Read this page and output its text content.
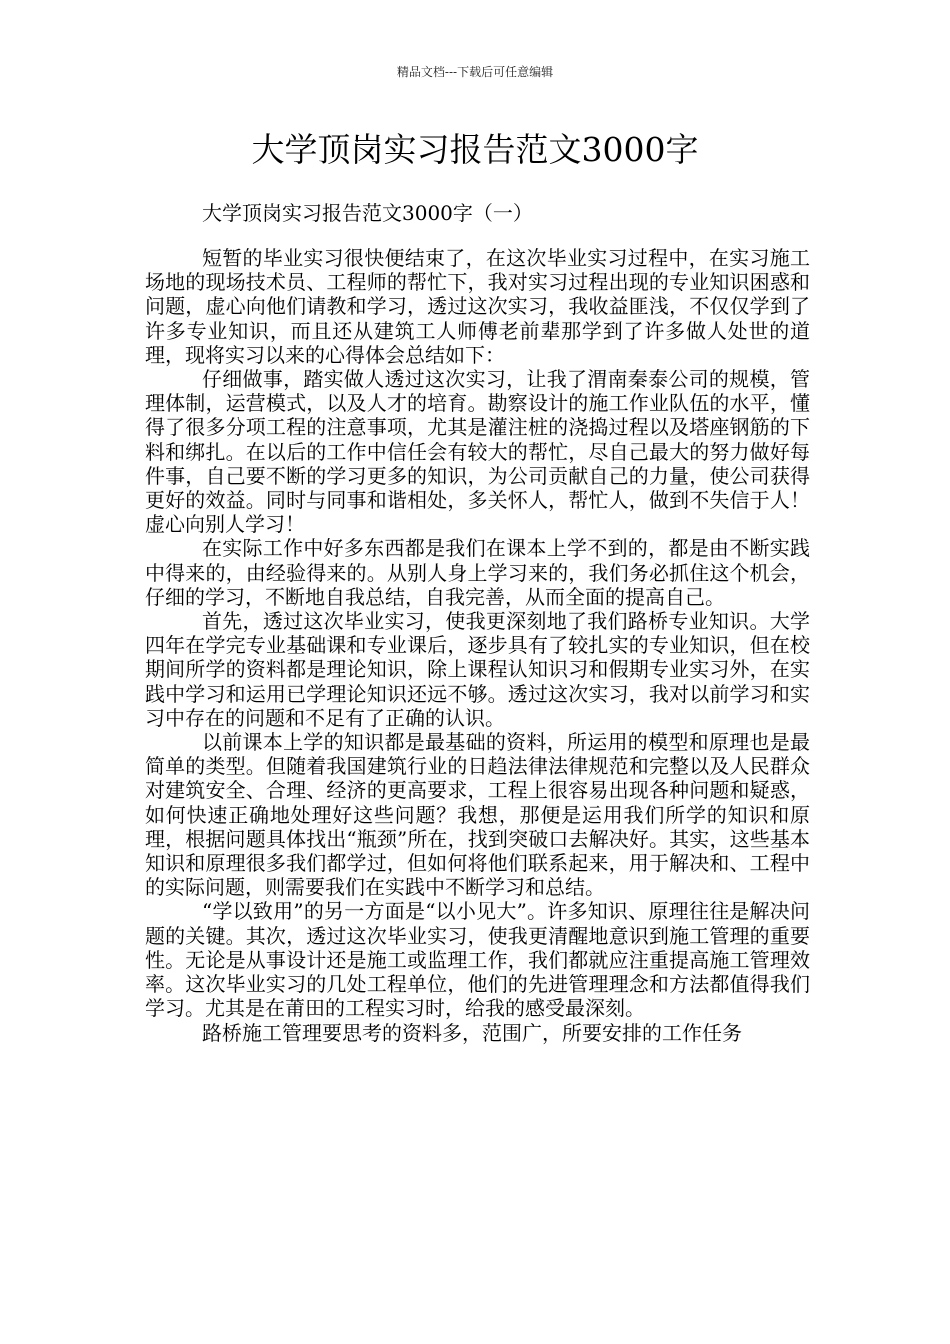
精品文档---下载后可任意编辑
大学顶岗实习报告范文3000字
大学顶岗实习报告范文3000字（一）

短暂的毕业实习很快便结束了，在这次毕业实习过程中，在实习施工场地的现场技术员、工程师的帮忙下，我对实习过程出现的专业知识困惑和问题，虚心向他们请教和学习，透过这次实习，我收益匪浅，不仅仅学到了许多专业知识，而且还从建筑工人师傅老前辈那学到了许多做人处世的道理，现将实习以来的心得体会总结如下：

仔细做事，踏实做人透过这次实习，让我了渭南秦泰公司的规模，管理体制，运营模式，以及人才的培育。勘察设计的施工作业队伍的水平，懂得了很多分项工程的注意事项，尤其是灌注桩的浇捣过程以及塔座钢筋的下料和绑扎。在以后的工作中信任会有较大的帮忙，尽自己最大的努力做好每件事，自己要不断的学习更多的知识，为公司贡献自己的力量，使公司获得更好的效益。同时与同事和谐相处，多关怀人，帮忙人，做到不失信于人！虚心向别人学习！

在实际工作中好多东西都是我们在课本上学不到的，都是由不断实践中得来的，由经验得来的。从别人身上学习来的，我们务必抓住这个机会，仔细的学习，不断地自我总结，自我完善，从而全面的提高自己。

首先，透过这次毕业实习，使我更深刻地了我们路桥专业知识。大学四年在学完专业基础课和专业课后，逐步具有了较扎实的专业知识，但在校期间所学的资料都是理论知识，除上课程认知识习和假期专业实习外，在实践中学习和运用已学理论知识还远不够。透过这次实习，我对以前学习和实习中存在的问题和不足有了正确的认识。

以前课本上学的知识都是最基础的资料，所运用的模型和原理也是最简单的类型。但随着我国建筑行业的日趋法律法律规范和完整以及人民群众对建筑安全、合理、经济的更高要求，工程上很容易出现各种问题和疑惑，如何快速正确地处理好这些问题？我想，那便是运用我们所学的知识和原理，根据问题具体找出“瓶颈”所在，找到突破口去解决好。其实，这些基本知识和原理很多我们都学过，但如何将他们联系起来，用于解决和、工程中的实际问题，则需要我们在实践中不断学习和总结。

“学以致用”的另一方面是“以小见大”。许多知识、原理往往是解决问题的关键。其次，透过这次毕业实习，使我更清醒地意识到施工管理的重要性。无论是从事设计还是施工或监理工作，我们都就应注重提高施工管理效率。这次毕业实习的几处工程单位，他们的先进管理理念和方法都值得我们学习。尤其是在莆田的工程实习时，给我的感受最深刻。

路桥施工管理要思考的资料多，范围广，所要安排的工作任务
